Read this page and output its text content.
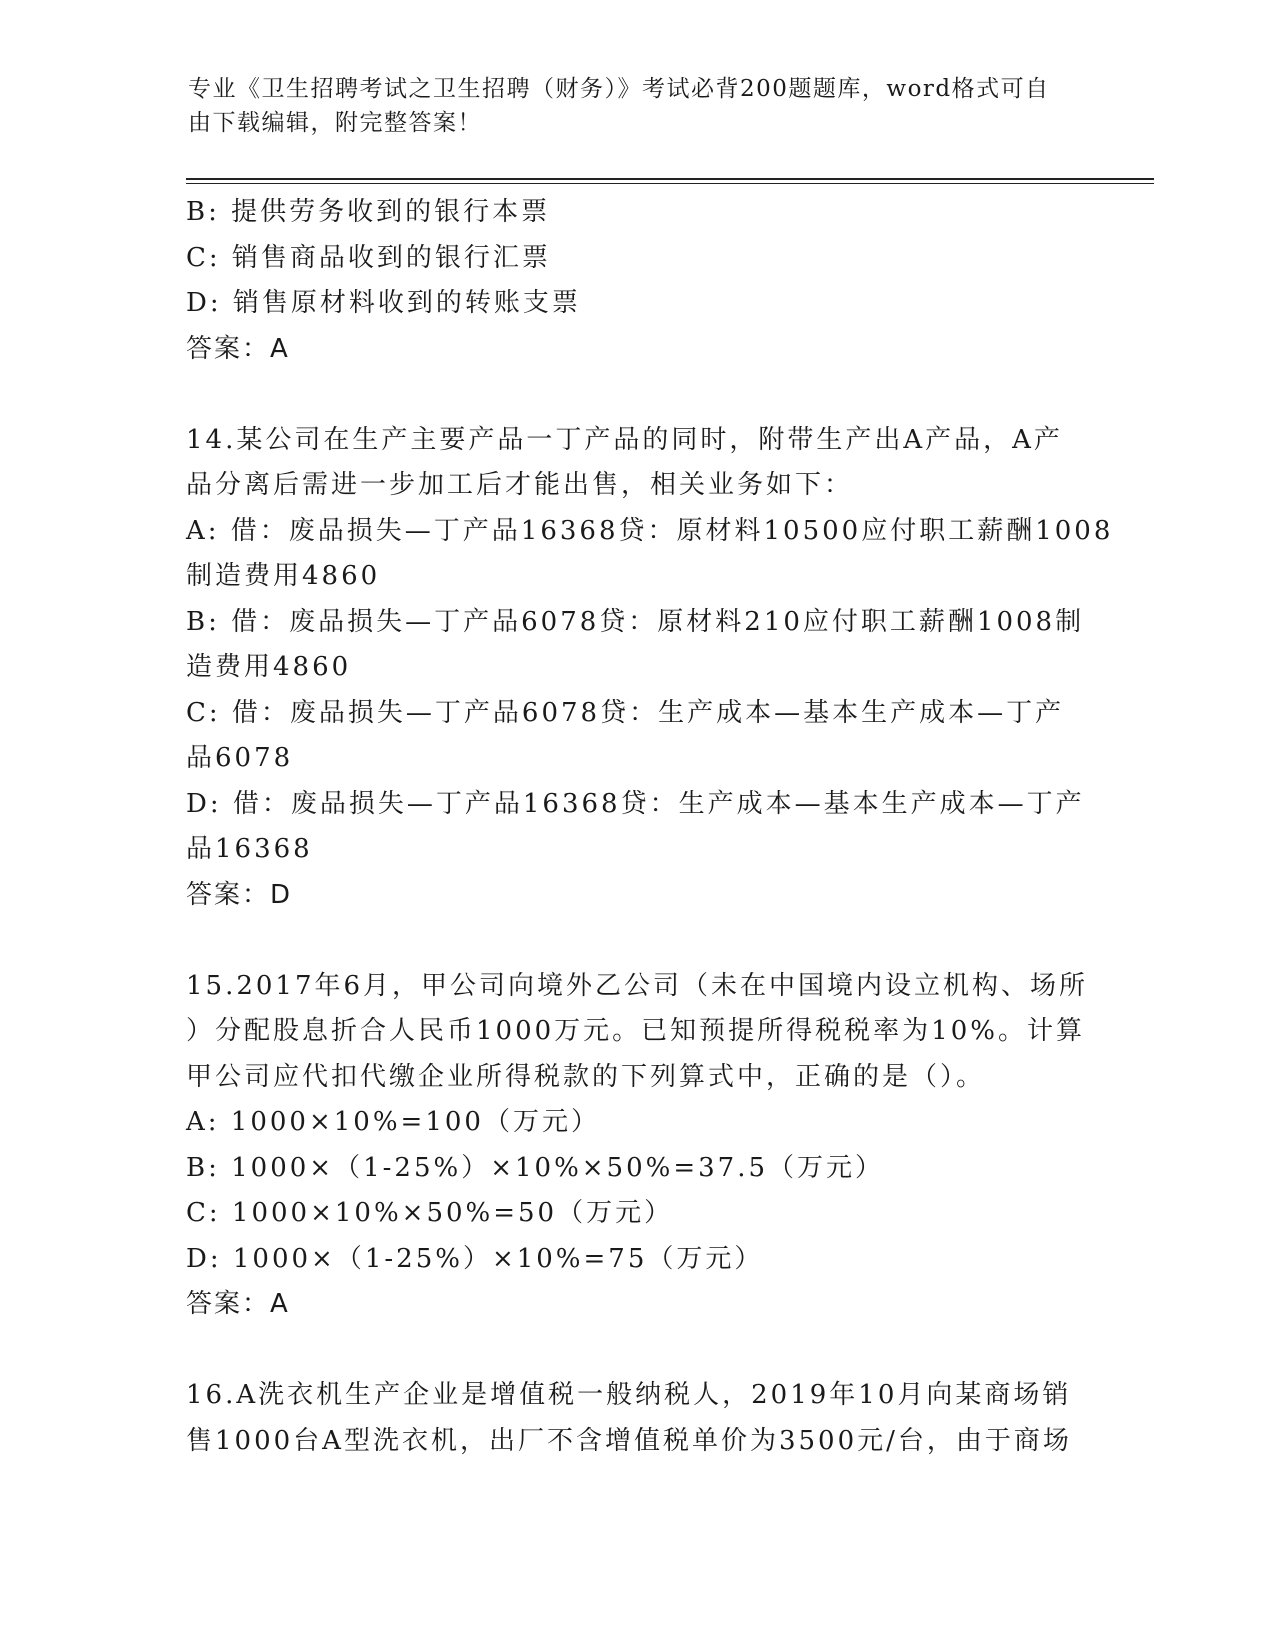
专业《卫生招聘考试之卫生招聘（财务）》考试必背200题题库，word格式可自
由下载编辑，附完整答案！
B: 提供劳务收到的银行本票
C: 销售商品收到的银行汇票
D: 销售原材料收到的转账支票
答案：A
14.某公司在生产主要产品一丁产品的同时，附带生产出A产品，A产
品分离后需进一步加工后才能出售，相关业务如下：
A: 借：废品损失—丁产品16368贷：原材料10500应付职工薪酬1008
制造费用4860
B: 借：废品损失—丁产品6078贷：原材料210应付职工薪酬1008制
造费用4860
C: 借：废品损失—丁产品6078贷：生产成本—基本生产成本—丁产
品6078
D: 借：废品损失—丁产品16368贷：生产成本—基本生产成本—丁产
品16368
答案：D
15.2017年6月，甲公司向境外乙公司（未在中国境内设立机构、场所
）分配股息折合人民币1000万元。已知预提所得税税率为10%。计算
甲公司应代扣代缴企业所得税款的下列算式中，正确的是（）。
A: 1000×10%=100（万元）
B: 1000×（1-25%）×10%×50%=37.5（万元）
C: 1000×10%×50%=50（万元）
D: 1000×（1-25%）×10%=75（万元）
答案：A
16.A洗衣机生产企业是增值税一般纳税人，2019年10月向某商场销
售1000台A型洗衣机，出厂不含增值税单价为3500元/台，由于商场
